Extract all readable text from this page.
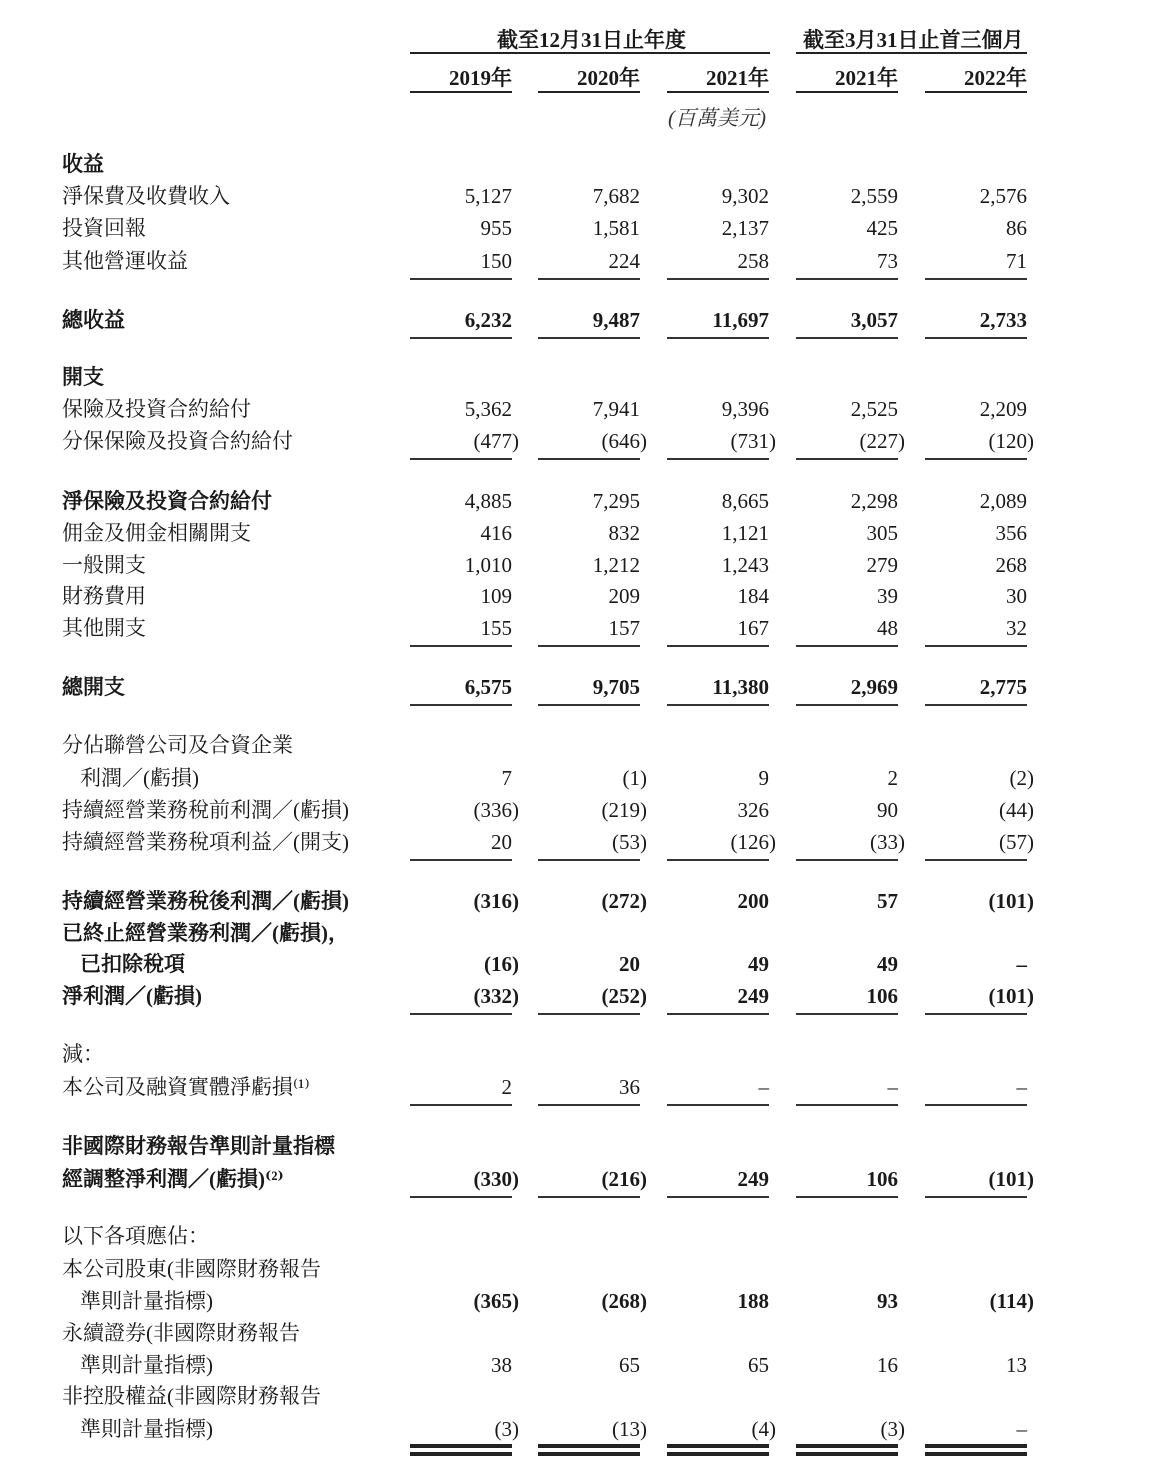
截至12月31日止年度	截至3月31日止首三個月
(百萬美元)
2019年	2020年	2021年	2021年	2022年
收益
淨保費及收費收入	5,127	7,682	9,302	2,559	2,576
投資回報	955	1,581	2,137	425	86
其他營運收益	150	224	258	73	71
總收益	6,232	9,487	11,697	3,057	2,733
開支
保險及投資合約給付	5,362	7,941	9,396	2,525	2,209
分保保險及投資合約給付	(477)	(646)	(731)	(227)	(120)
淨保險及投資合約給付	4,885	7,295	8,665	2,298	2,089
佣金及佣金相關開支	416	832	1,121	305	356
一般開支	1,010	1,212	1,243	279	268
財務費用	109	209	184	39	30
其他開支	155	157	167	48	32
總開支	6,575	9,705	11,380	2,969	2,775
分佔聯營公司及合資企業
利潤／(虧損)	7	(1)	9	2	(2)
持續經營業務稅前利潤／(虧損)	(336)	(219)	326	90	(44)
持續經營業務稅項利益／(開支)	20	(53)	(126)	(33)	(57)
持續經營業務稅後利潤／(虧損)	(316)	(272)	200	57	(101)
已終止經營業務利潤／(虧損)，
已扣除稅項	(16)	20	49	49	–
淨利潤／(虧損)	(332)	(252)	249	106	(101)
減：
本公司及融資實體淨虧損⁽¹⁾	2	36	–	–	–
非國際財務報告準則計量指標
經調整淨利潤／(虧損)⁽²⁾	(330)	(216)	249	106	(101)
以下各項應佔：
本公司股東(非國際財務報告
準則計量指標)	(365)	(268)	188	93	(114)
永續證券(非國際財務報告
準則計量指標)	38	65	65	16	13
非控股權益(非國際財務報告
準則計量指標)	(3)	(13)	(4)	(3)	–
